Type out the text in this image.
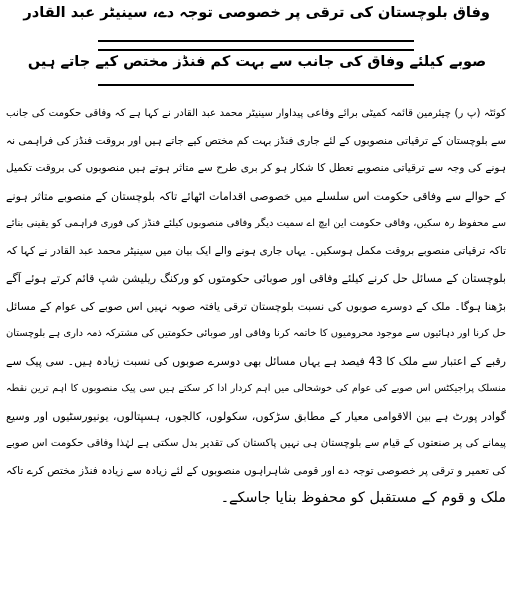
وفاق بلوچستان کی ترقی پر خصوصی توجہ دے، سینیٹر عبد القادر
صوبے کیلئے وفاق کی جانب سے بہت کم فنڈز مختص کیے جاتے ہیں
کوئٹہ (پ ر) چیئرمین قائمہ کمیٹی برائے وفاعی پیداوار سینیٹر محمد عبد القادر نے کہا ہے کہ وفاقی حکومت کی جانب
سے بلوچستان کے ترقیاتی منصوبوں کے لئے جاری فنڈز بہت کم مختص کیے جاتے ہیں اور بروقت فنڈز کی فراہمی نہ
ہونے کی وجہ سے ترقیاتی منصوبے تعطل کا شکار ہو کر بری طرح سے متاثر ہوتے ہیں منصوبوں کی بروقت تکمیل
کے حوالے سے وفاقی حکومت اس سلسلے میں خصوصی اقدامات اٹھائے تاکہ بلوچستان کے منصوبے متاثر ہونے
سے محفوظ رہ سکیں، وفاقی حکومت این ایچ اے سمیت دیگر وفاقی منصوبوں کیلئے فنڈز کی فوری فراہمی کو یقینی بنائے
تاکہ ترقیاتی منصوبے بروقت مکمل ہوسکیں۔ یہاں جاری ہونے والے ایک بیان میں سینیٹر محمد عبد القادر نے کہا کہ
بلوچستان کے مسائل حل کرنے کیلئے وفاقی اور صوبائی حکومتوں کو ورکنگ ریلیشن شپ قائم کرتے ہوئے آگے
بڑھنا ہوگا۔ ملک کے دوسرے صوبوں کی نسبت بلوچستان ترقی یافتہ صوبہ نہیں اس صوبے کی عوام کے مسائل
حل کرنا اور دہائیوں سے موجود محرومیوں کا خاتمہ کرنا وفاقی اور صوبائی حکومتیں کی مشترکہ ذمہ داری ہے بلوچستان
رقبے کے اعتبار سے ملک کا 43 فیصد ہے یہاں مسائل بھی دوسرے صوبوں کی نسبت زیادہ ہیں۔ سی پیک سے
منسلک پراجیکٹس اس صوبے کی عوام کی خوشحالی میں اہم کردار ادا کر سکتے ہیں سی پیک منصوبوں کا اہم ترین نقطہ
گوادر پورٹ ہے بین الاقوامی معیار کے مطابق سڑکوں، سکولوں، کالجوں، ہسپتالوں، یونیورسٹیوں اور وسیع
پیمانے کی پر صنعتوں کے قیام سے بلوچستان ہی نہیں پاکستان کی تقدیر بدل سکتی ہے لہٰذا وفاقی حکومت اس صوبے
کی تعمیر و ترقی پر خصوصی توجہ دے اور قومی شاہراہوں منصوبوں کے لئے زیادہ سے زیادہ فنڈز مختص کرے تاکہ
ملک و قوم کے مستقبل کو محفوظ بنایا جاسکے۔
